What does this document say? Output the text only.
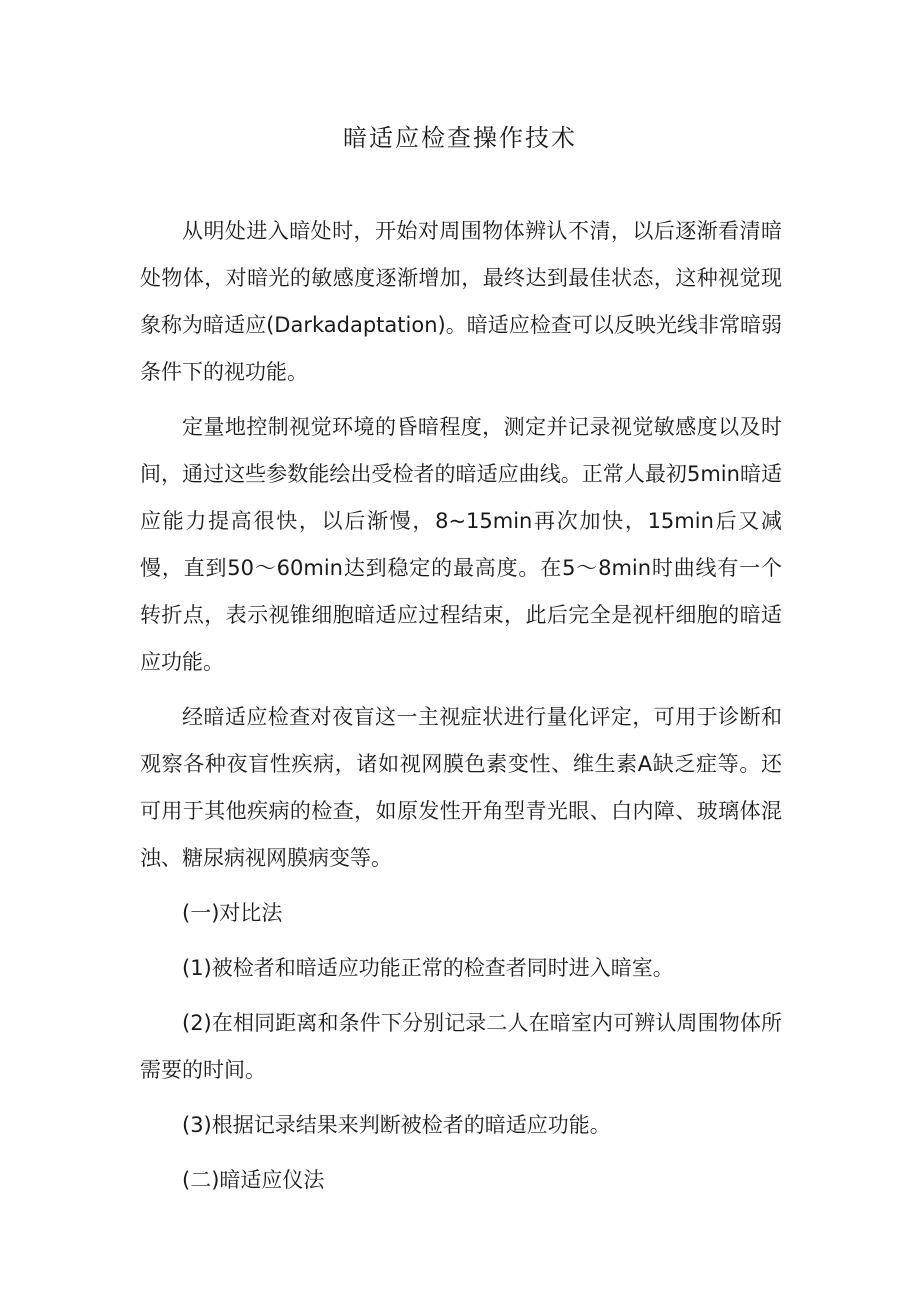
暗适应检查操作技术

从明处进入暗处时，开始对周围物体辨认不清，以后逐渐看清暗处物体，对暗光的敏感度逐渐增加，最终达到最佳状态，这种视觉现象称为暗适应(Darkadaptation)。暗适应检查可以反映光线非常暗弱条件下的视功能。

定量地控制视觉环境的昏暗程度，测定并记录视觉敏感度以及时间，通过这些参数能绘出受检者的暗适应曲线。正常人最初5min暗适应能力提高很快，以后渐慢，8~15min再次加快，15min后又减慢，直到50～60min达到稳定的最高度。在5～8min时曲线有一个转折点，表示视锥细胞暗适应过程结束，此后完全是视杆细胞的暗适应功能。

经暗适应检查对夜盲这一主视症状进行量化评定，可用于诊断和观察各种夜盲性疾病，诸如视网膜色素变性、维生素A缺乏症等。还可用于其他疾病的检查，如原发性开角型青光眼、白内障、玻璃体混浊、糖尿病视网膜病变等。

(一)对比法

(1)被检者和暗适应功能正常的检查者同时进入暗室。

(2)在相同距离和条件下分别记录二人在暗室内可辨认周围物体所需要的时间。

(3)根据记录结果来判断被检者的暗适应功能。

(二)暗适应仪法
